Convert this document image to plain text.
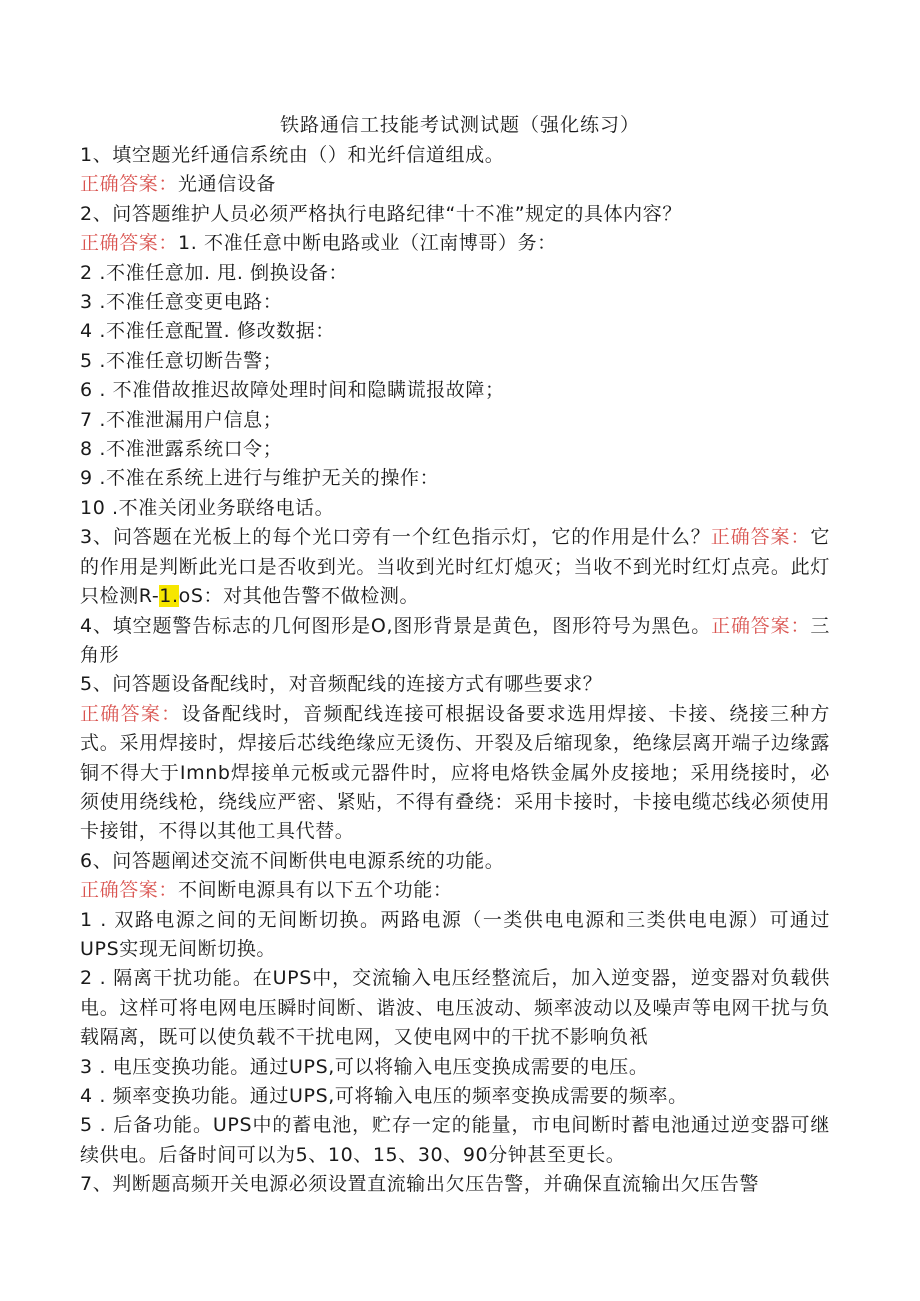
铁路通信工技能考试测试题（强化练习）

1、填空题光纤通信系统由（）和光纤信道组成。

正确答案：光通信设备

2、问答题维护人员必须严格执行电路纪律“十不准”规定的具体内容？

正确答案：1. 不准任意中断电路或业（江南博哥）务：

2 .不准任意加. 甩. 倒换设备：

3 .不准任意变更电路：

4 .不准任意配置. 修改数据：

5 .不准任意切断告警；

6 . 不准借故推迟故障处理时间和隐瞒谎报故障；

7 .不准泄漏用户信息；

8 .不准泄露系统口令；

9 .不准在系统上进行与维护无关的操作：

10 .不准关闭业务联络电话。

3、问答题在光板上的每个光口旁有一个红色指示灯，它的作用是什么？正确答案：它的作用是判断此光口是否收到光。当收到光时红灯熄灭；当收不到光时红灯点亮。此灯只检测R-1.oS：对其他告警不做检测。

4、填空题警告标志的几何图形是O,图形背景是黄色，图形符号为黑色。正确答案：三角形

5、问答题设备配线时，对音频配线的连接方式有哪些要求？

正确答案：设备配线时，音频配线连接可根据设备要求选用焊接、卡接、绕接三种方式。采用焊接时，焊接后芯线绝缘应无烫伤、开裂及后缩现象，绝缘层离开端子边缘露铜不得大于Imnb焊接单元板或元器件时，应将电烙铁金属外皮接地；采用绕接时，必须使用绕线枪，绕线应严密、紧贴，不得有叠绕：采用卡接时，卡接电缆芯线必须使用卡接钳，不得以其他工具代替。

6、问答题阐述交流不间断供电电源系统的功能。

正确答案：不间断电源具有以下五个功能：

1 . 双路电源之间的无间断切换。两路电源（一类供电电源和三类供电电源）可通过UPS实现无间断切换。

2 . 隔离干扰功能。在UPS中，交流输入电压经整流后，加入逆变器，逆变器对负载供电。这样可将电网电压瞬时间断、谐波、电压波动、频率波动以及噪声等电网干扰与负载隔离，既可以使负载不干扰电网，又使电网中的干扰不影响负衹

3 . 电压变换功能。通过UPS,可以将输入电压变换成需要的电压。

4 . 频率变换功能。通过UPS,可将输入电压的频率变换成需要的频率。

5 . 后备功能。UPS中的蓄电池，贮存一定的能量，市电间断时蓄电池通过逆变器可继续供电。后备时间可以为5、10、15、30、90分钟甚至更长。

7、判断题高频开关电源必须设置直流输出欠压告警，并确保直流输出欠压告警
